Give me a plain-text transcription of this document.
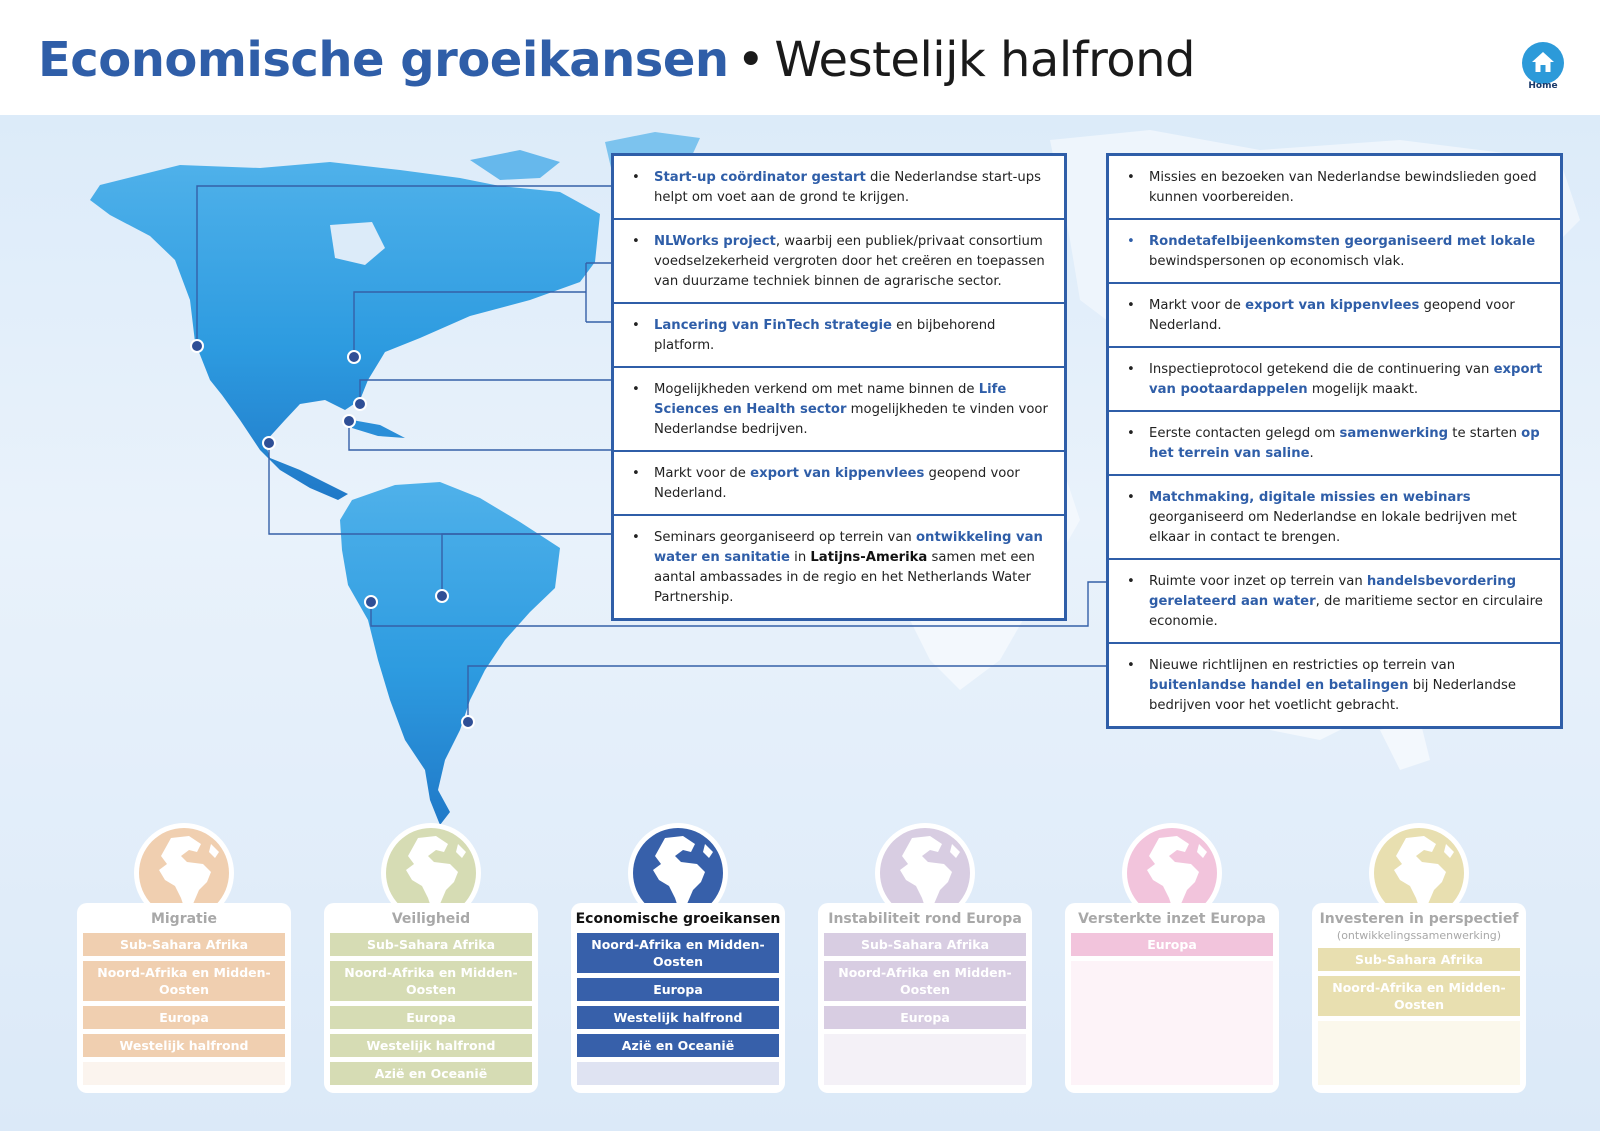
Economische groeikansen • Westelijk halfrond	Home
• Start-up coördinator gestart die Nederlandse start-ups helpt om voet aan de grond te krijgen.
• NLWorks project, waarbij een publiek/privaat consortium voedselzekerheid vergroten door het creëren en toepassen van duurzame techniek binnen de agrarische sector.
• Lancering van FinTech strategie en bijbehorend platform.
• Mogelijkheden verkend om met name binnen de Life Sciences en Health sector mogelijkheden te vinden voor Nederlandse bedrijven.
• Markt voor de export van kippenvlees geopend voor Nederland.
• Seminars georganiseerd op terrein van ontwikkeling van water en sanitatie in Latijns-Amerika samen met een aantal ambassades in de regio en het Netherlands Water Partnership.
• Missies en bezoeken van Nederlandse bewindslieden goed kunnen voorbereiden.
• Rondetafelbijeenkomsten georganiseerd met lokale bewindspersonen op economisch vlak.
• Markt voor de export van kippenvlees geopend voor Nederland.
• Inspectieprotocol getekend die de continuering van export van pootaardappelen mogelijk maakt.
• Eerste contacten gelegd om samenwerking te starten op het terrein van saline.
• Matchmaking, digitale missies en webinars georganiseerd om Nederlandse en lokale bedrijven met elkaar in contact te brengen.
• Ruimte voor inzet op terrein van handelsbevordering gerelateerd aan water, de maritieme sector en circulaire economie.
• Nieuwe richtlijnen en restricties op terrein van buitenlandse handel en betalingen bij Nederlandse bedrijven voor het voetlicht gebracht.
Migratie
Sub-Sahara Afrika
Noord-Afrika en Midden-Oosten
Europa
Westelijk halfrond
Veiligheid
Sub-Sahara Afrika
Noord-Afrika en Midden-Oosten
Europa
Westelijk halfrond
Azië en Oceanië
Economische groeikansen
Noord-Afrika en Midden-Oosten
Europa
Westelijk halfrond
Azië en Oceanië
Instabiliteit rond Europa
Sub-Sahara Afrika
Noord-Afrika en Midden-Oosten
Europa
Versterkte inzet Europa
Europa
Investeren in perspectief
(ontwikkelingssamenwerking)
Sub-Sahara Afrika
Noord-Afrika en Midden-Oosten
